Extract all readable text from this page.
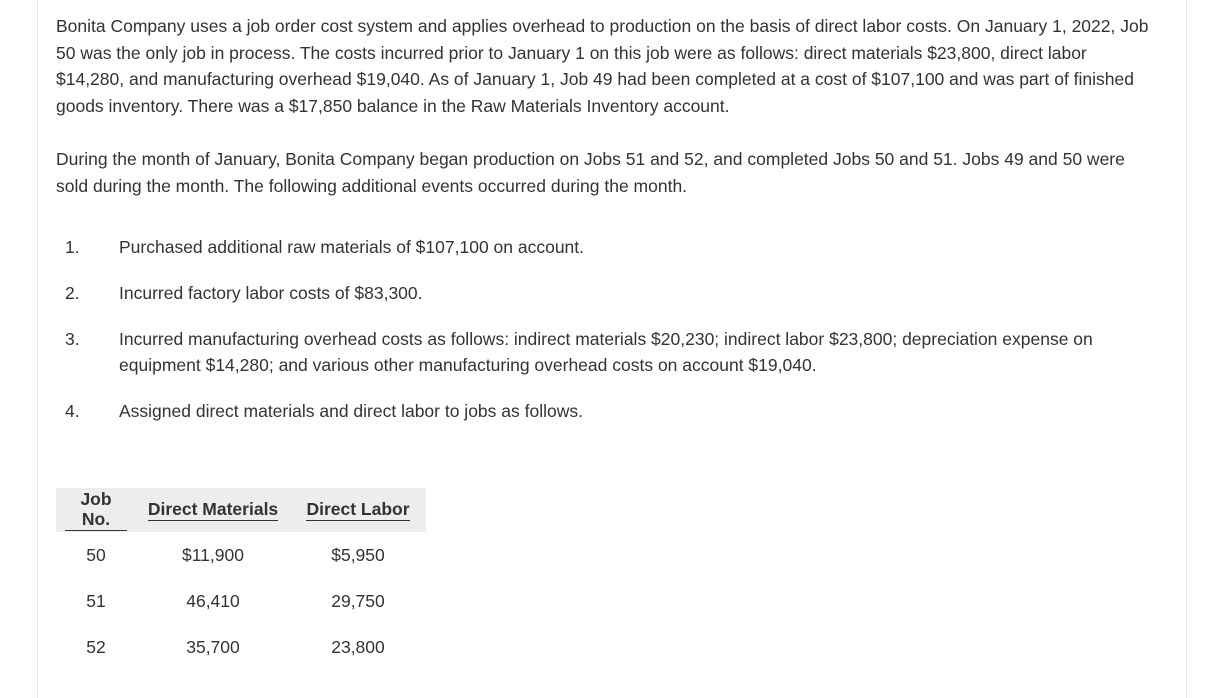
Bonita Company uses a job order cost system and applies overhead to production on the basis of direct labor costs. On January 1, 2022, Job 50 was the only job in process. The costs incurred prior to January 1 on this job were as follows: direct materials $23,800, direct labor $14,280, and manufacturing overhead $19,040. As of January 1, Job 49 had been completed at a cost of $107,100 and was part of finished goods inventory. There was a $17,850 balance in the Raw Materials Inventory account.

During the month of January, Bonita Company began production on Jobs 51 and 52, and completed Jobs 50 and 51. Jobs 49 and 50 were sold during the month. The following additional events occurred during the month.

1.	Purchased additional raw materials of $107,100 on account.
2.	Incurred factory labor costs of $83,300.
3.	Incurred manufacturing overhead costs as follows: indirect materials $20,230; indirect labor $23,800; depreciation expense on equipment $14,280; and various other manufacturing overhead costs on account $19,040.
4.	Assigned direct materials and direct labor to jobs as follows.
Job No.	Direct Materials	Direct Labor
50	$11,900	$5,950
51	46,410	29,750
52	35,700	23,800
